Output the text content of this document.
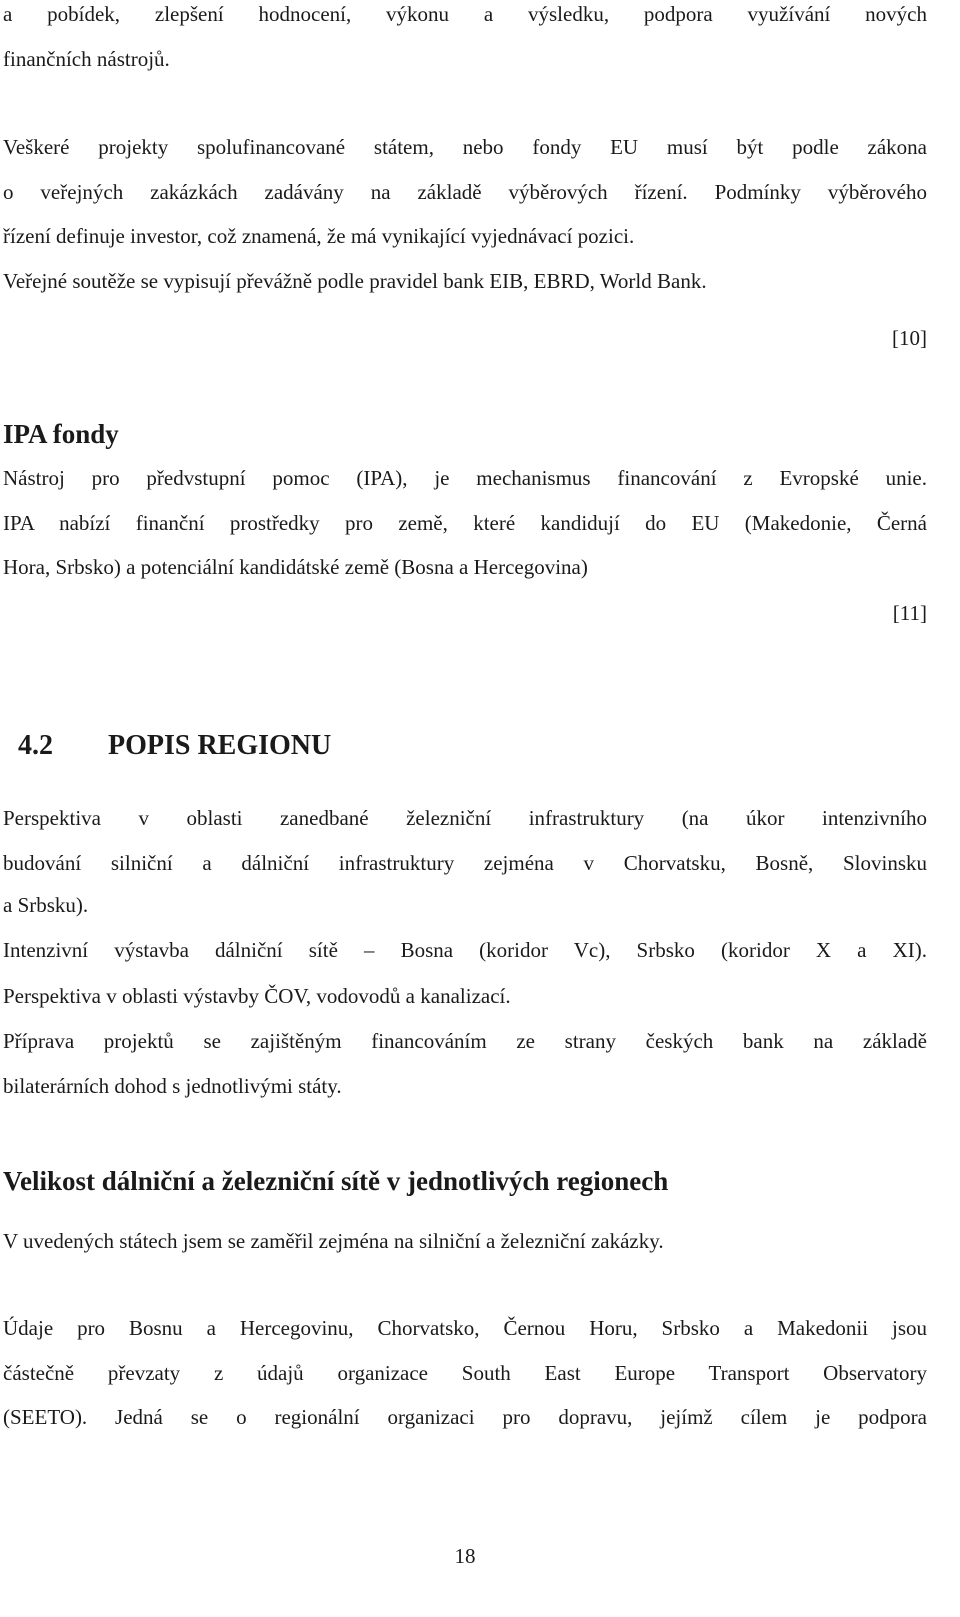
a pobídek, zlepšení hodnocení, výkonu a výsledku, podpora využívání nových
finančních nástrojů.
Veškeré projekty spolufinancované státem, nebo fondy EU musí být podle zákona
o veřejných zakázkách zadávány na základě výběrových řízení. Podmínky výběrového
řízení definuje investor, což znamená, že má vynikající vyjednávací pozici.
Veřejné soutěže se vypisují převážně podle pravidel bank EIB, EBRD, World Bank.
[10]
IPA fondy
Nástroj pro předvstupní pomoc (IPA), je mechanismus financování z Evropské unie.
IPA nabízí finanční prostředky pro země, které kandidují do EU (Makedonie, Černá
Hora, Srbsko) a potenciální kandidátské země (Bosna a Hercegovina)
[11]
4.2 POPIS REGIONU
Perspektiva v oblasti zanedbané železniční infrastruktury (na úkor intenzivního
budování silniční a dálniční infrastruktury zejména v Chorvatsku, Bosně, Slovinsku
a Srbsku).
Intenzivní výstavba dálniční sítě – Bosna (koridor Vc), Srbsko (koridor X a XI).
Perspektiva v oblasti výstavby ČOV, vodovodů a kanalizací.
Příprava projektů se zajištěným financováním ze strany českých bank na základě
bilaterárních dohod s jednotlivými státy.
Velikost dálniční a železniční sítě v jednotlivých regionech
V uvedených státech jsem se zaměřil zejména na silniční a železniční zakázky.
Údaje pro Bosnu a Hercegovinu, Chorvatsko, Černou Horu, Srbsko a Makedonii jsou
částečně převzaty z údajů organizace South East Europe Transport Observatory
(SEETO). Jedná se o regionální organizaci pro dopravu, jejímž cílem je podpora
18
